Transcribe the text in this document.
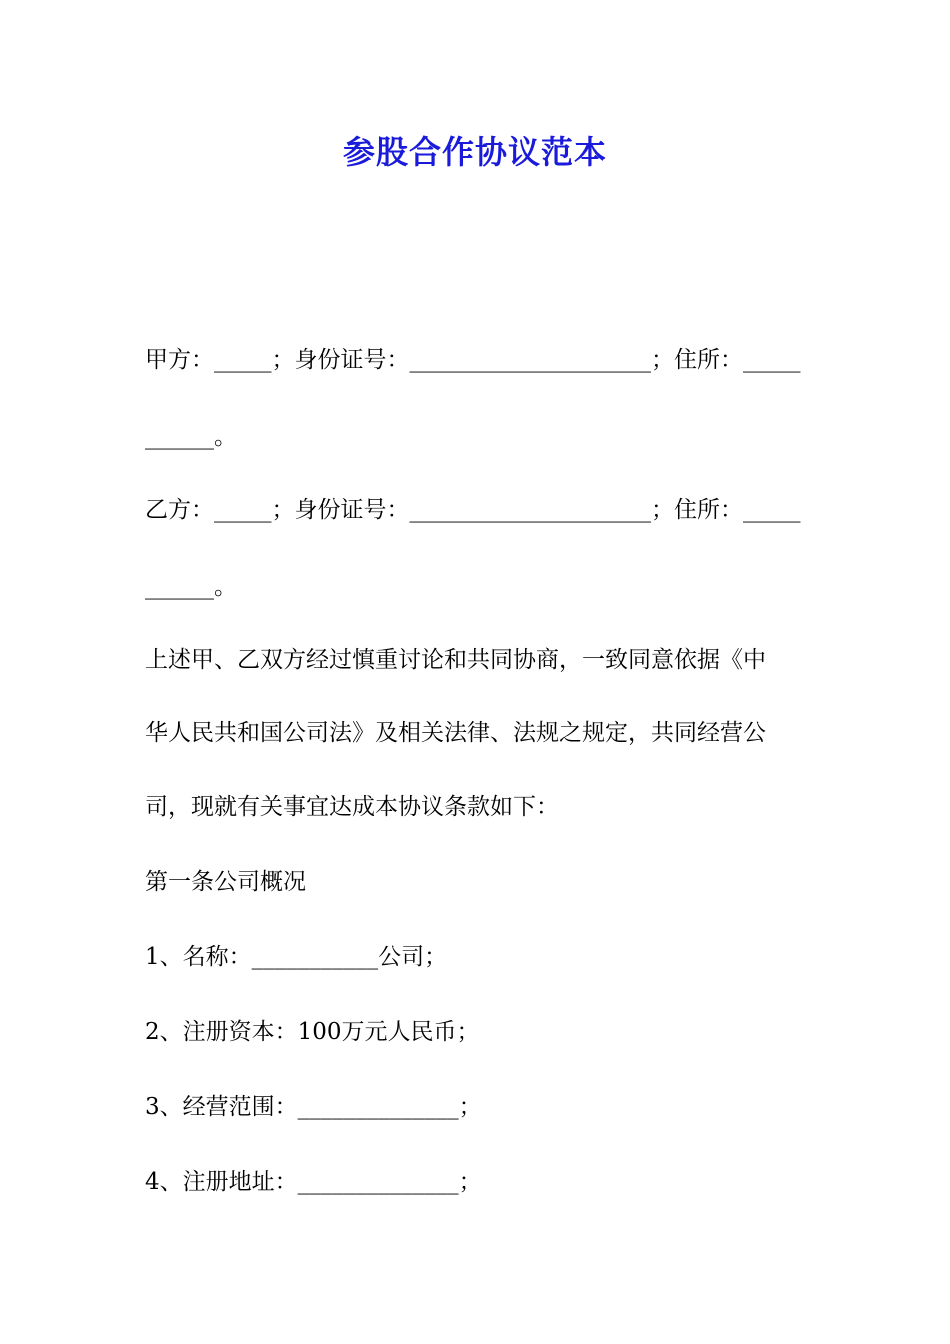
参股合作协议范本
甲方：_____；身份证号：_____________________；住所：_____
______。
乙方：_____；身份证号：_____________________；住所：_____
______。
上述甲、乙双方经过慎重讨论和共同协商，一致同意依据《中
华人民共和国公司法》及相关法律、法规之规定，共同经营公
司，现就有关事宜达成本协议条款如下：
第一条公司概况
1、名称：___________公司；
2、注册资本：100万元人民币；
3、经营范围：______________；
4、注册地址：______________；
